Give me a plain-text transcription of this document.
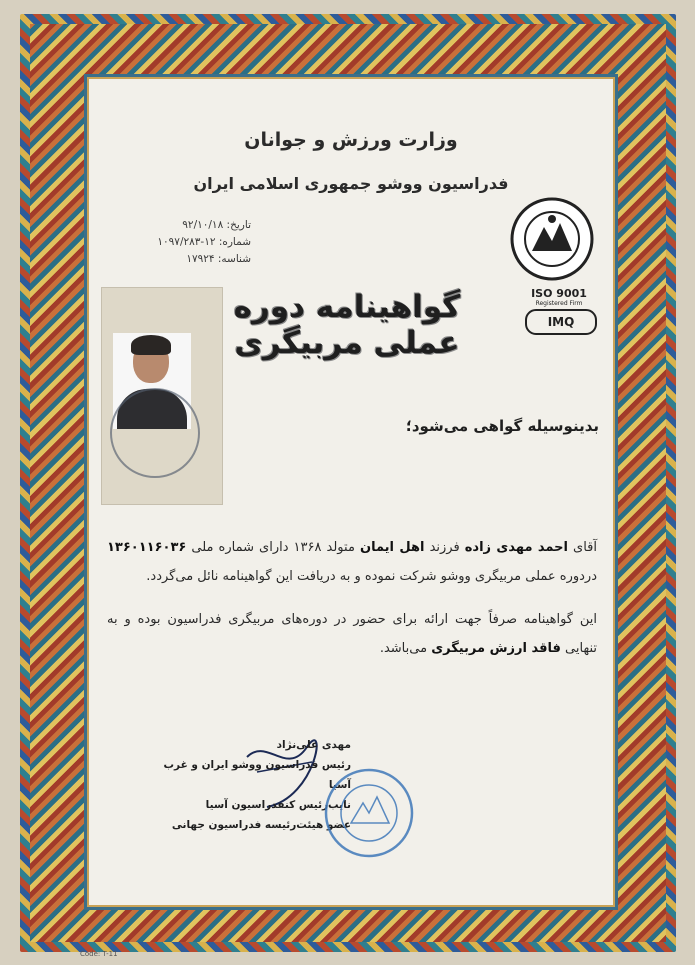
وزارت ورزش و جوانان
فدراسیون ووشو جمهوری اسلامی ایران
تاریخ: ۹۲/۱۰/۱۸
شماره: ۱۲-۱۰۹۷/۲۸۳
شناسه: ۱۷۹۲۴
ISO 9001
Registered Firm
IMQ
گواهینامه دوره عملی مربیگری
بدینوسیله گواهی می‌شود؛
آقای احمد مهدی زاده فرزند اهل ایمان متولد ۱۳۶۸ دارای شماره ملی ۱۳۶۰۱۱۶۰۳۶ دردوره عملی مربیگری ووشو شرکت نموده و به دریافت این گواهینامه نائل می‌گردد.
این گواهینامه صرفاً جهت ارائه برای حضور در دوره‌های مربیگری فدراسیون بوده و به تنهایی فاقد ارزش مربیگری می‌باشد.
مهدی علی‌نژاد
رئیس فدراسیون ووشو ایران و غرب آسیا
نایب‌رئیس کنفدراسیون آسیا
عضو هیئت‌رئیسه فدراسیون جهانی
Code: T-11
